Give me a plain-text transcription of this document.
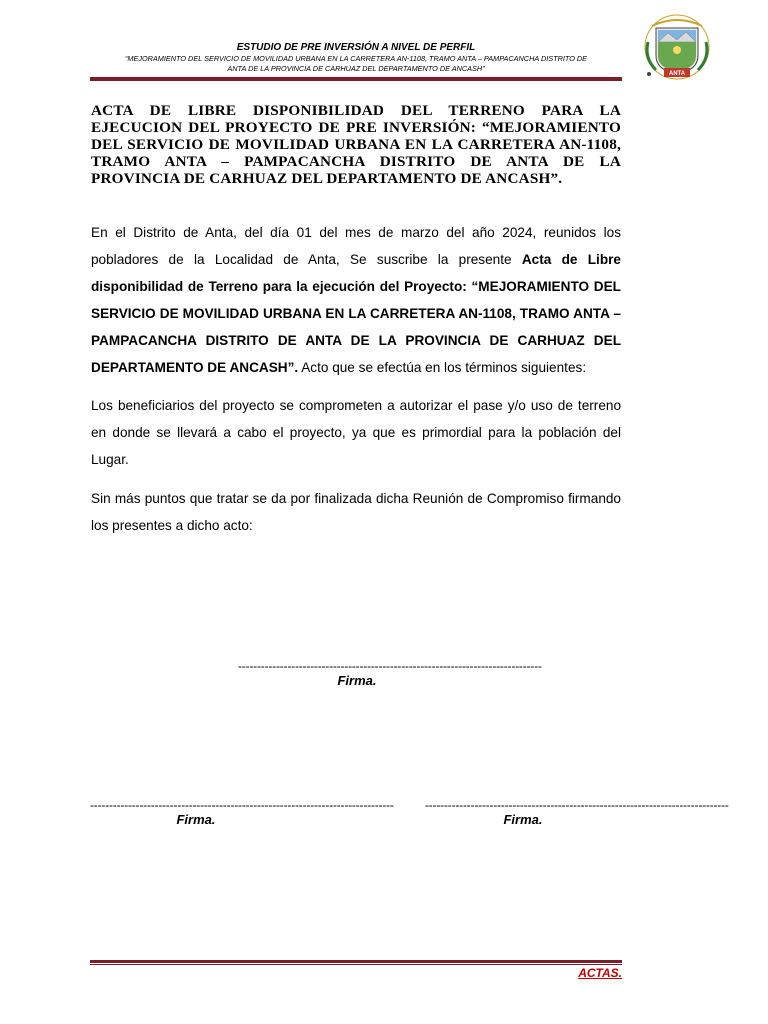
ESTUDIO DE PRE INVERSIÓN A NIVEL DE PERFIL
“MEJORAMIENTO DEL SERVICIO DE MOVILIDAD URBANA EN LA CARRETERA AN-1108, TRAMO ANTA – PAMPACANCHA DISTRITO DE
ANTA DE LA PROVINCIA DE CARHUAZ DEL DEPARTAMENTO DE ANCASH”
ANTA

ACTA DE LIBRE DISPONIBILIDAD DEL TERRENO PARA LA EJECUCION DEL PROYECTO DE PRE INVERSIÓN: “MEJORAMIENTO DEL SERVICIO DE MOVILIDAD URBANA EN LA CARRETERA AN-1108, TRAMO ANTA – PAMPACANCHA DISTRITO DE ANTA DE LA PROVINCIA DE CARHUAZ DEL DEPARTAMENTO DE ANCASH”.

En el Distrito de Anta, del día 01 del mes de marzo del año 2024, reunidos los pobladores de la Localidad de Anta, Se suscribe la presente Acta de Libre disponibilidad de Terreno para la ejecución del Proyecto: “MEJORAMIENTO DEL SERVICIO DE MOVILIDAD URBANA EN LA CARRETERA AN-1108, TRAMO ANTA – PAMPACANCHA DISTRITO DE ANTA DE LA PROVINCIA DE CARHUAZ DEL DEPARTAMENTO DE ANCASH”. Acto que se efectúa en los términos siguientes:

Los beneficiarios del proyecto se comprometen a autorizar el pase y/o uso de terreno en donde se llevará a cabo el proyecto, ya que es primordial para la población del Lugar.

Sin más puntos que tratar se da por finalizada dicha Reunión de Compromiso firmando los presentes a dicho acto:

--------------------------------------------------------------------------------
Firma.
--------------------------------------------------------------------------------
Firma.
--------------------------------------------------------------------------------
Firma.
ACTAS.
